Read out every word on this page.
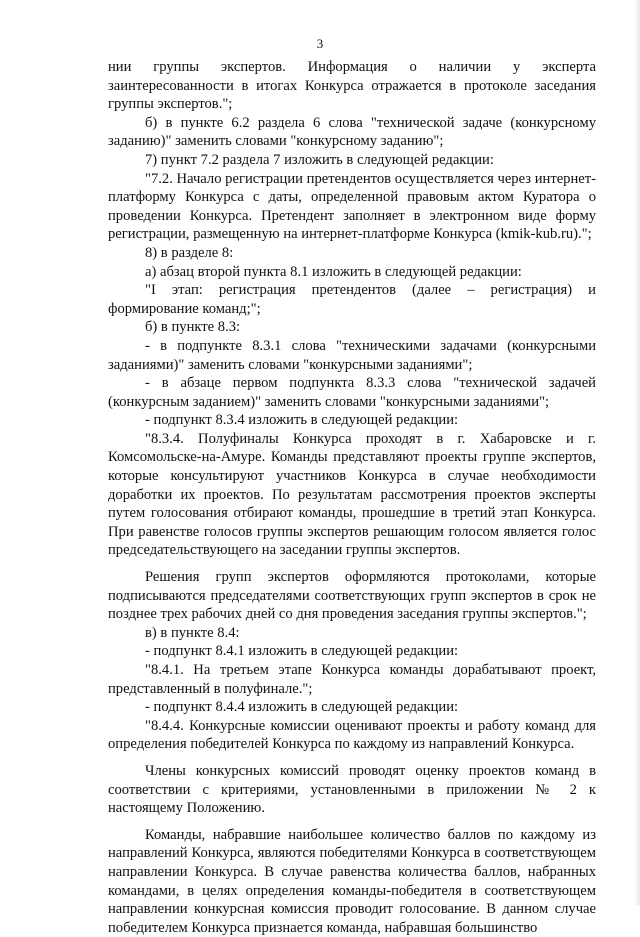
3

нии группы экспертов. Информация о наличии у эксперта заинтересованности в итогах Конкурса отражается в протоколе заседания группы экспертов.";

б) в пункте 6.2 раздела 6 слова "технической задаче (конкурсному заданию)" заменить словами "конкурсному заданию";

7) пункт 7.2 раздела 7 изложить в следующей редакции:

"7.2. Начало регистрации претендентов осуществляется через интернет-платформу Конкурса с даты, определенной правовым актом Куратора о проведении Конкурса. Претендент заполняет в электронном виде форму регистрации, размещенную на интернет-платформе Конкурса (kmik-kub.ru).";

8) в разделе 8:

а) абзац второй пункта 8.1 изложить в следующей редакции:

"I этап: регистрация претендентов (далее – регистрация) и формирование команд;";

б) в пункте 8.3:

- в подпункте 8.3.1 слова "техническими задачами (конкурсными заданиями)" заменить словами "конкурсными заданиями";

- в абзаце первом подпункта 8.3.3 слова "технической задачей (конкурсным заданием)" заменить словами "конкурсными заданиями";

- подпункт 8.3.4 изложить в следующей редакции:

"8.3.4. Полуфиналы Конкурса проходят в г. Хабаровске и г. Комсомольске-на-Амуре. Команды представляют проекты группе экспертов, которые консультируют участников Конкурса в случае необходимости доработки их проектов. По результатам рассмотрения проектов эксперты путем голосования отбирают команды, прошедшие в третий этап Конкурса. При равенстве голосов группы экспертов решающим голосом является голос председательствующего на заседании группы экспертов.

Решения групп экспертов оформляются протоколами, которые подписываются председателями соответствующих групп экспертов в срок не позднее трех рабочих дней со дня проведения заседания группы экспертов.";

в) в пункте 8.4:

- подпункт 8.4.1 изложить в следующей редакции:

"8.4.1. На третьем этапе Конкурса команды дорабатывают проект, представленный в полуфинале.";

- подпункт 8.4.4 изложить в следующей редакции:

"8.4.4. Конкурсные комиссии оценивают проекты и работу команд для определения победителей Конкурса по каждому из направлений Конкурса.

Члены конкурсных комиссий проводят оценку проектов команд в соответствии с критериями, установленными в приложении № 2 к настоящему Положению.

Команды, набравшие наибольшее количество баллов по каждому из направлений Конкурса, являются победителями Конкурса в соответствующем направлении Конкурса. В случае равенства количества баллов, набранных командами, в целях определения команды-победителя в соответствующем направлении конкурсная комиссия проводит голосование. В данном случае победителем Конкурса признается команда, набравшая большинство
